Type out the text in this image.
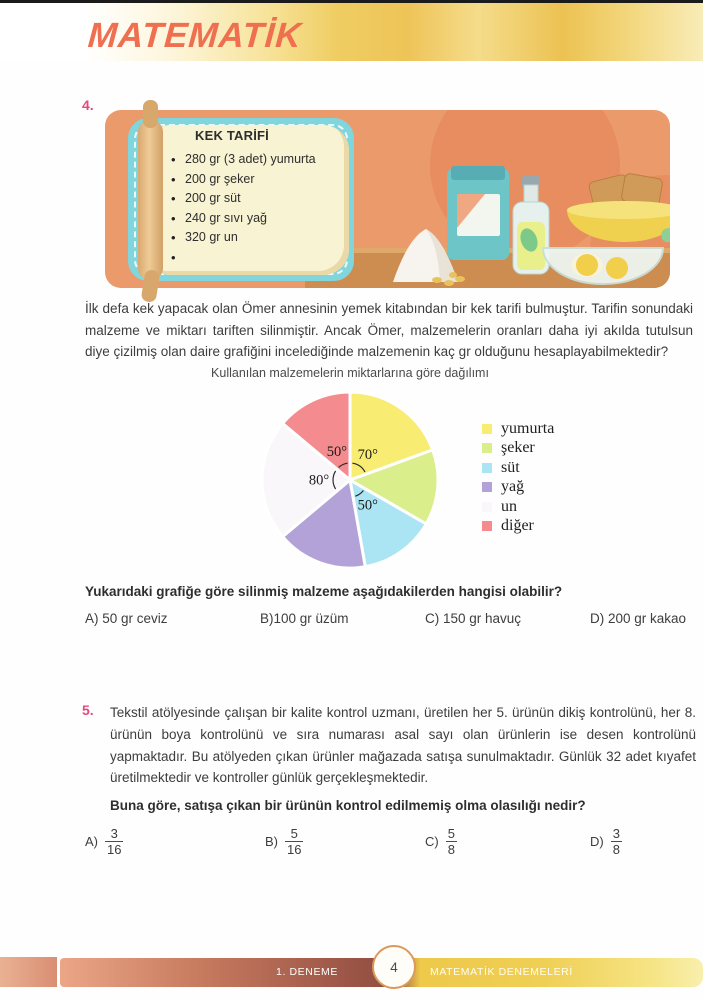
MATEMATİK
4.
KEK TARİFİ
• 280 gr (3 adet) yumurta
• 200 gr şeker
• 200 gr süt
• 240 gr sıvı yağ
• 320 gr un
•

İlk defa kek yapacak olan Ömer annesinin yemek kitabından bir kek tarifi bulmuştur. Tarifin sonundaki malzeme ve miktarı tariften silinmiştir. Ancak Ömer, malzemelerin oranları daha iyi akılda tutulsun diye çizilmiş olan daire grafiğini incelediğinde malzemenin kaç gr olduğunu hesaplayabilmektedir?

Kullanılan malzemelerin miktarlarına göre dağılımı
70°
50°
80°
50°
yumurta
şeker
süt
yağ
un
diğer
Yukarıdaki grafiğe göre silinmiş malzeme aşağıdakilerden hangisi olabilir?
A) 50 gr ceviz	B)100 gr üzüm	C) 150 gr havuç	D) 200 gr kakao
5.	Tekstil atölyesinde çalışan bir kalite kontrol uzmanı, üretilen her 5. ürünün dikiş kontrolünü, her 8. ürünün boya kontrolünü ve sıra numarası asal sayı olan ürünlerin ise desen kontrolünü yapmaktadır. Bu atölyeden çıkan ürünler mağazada satışa sunulmaktadır. Günlük 32 adet kıyafet üretilmektedir ve kontroller günlük gerçekleşmektedir.

Buna göre, satışa çıkan bir ürünün kontrol edilmemiş olma olasılığı nedir?
$A) \frac{3}{16}$	$B) \frac{5}{16}$	$C) \frac{5}{8}$	$D) \frac{3}{8}$
1. DENEME	4	MATEMATİK DENEMELERİ
